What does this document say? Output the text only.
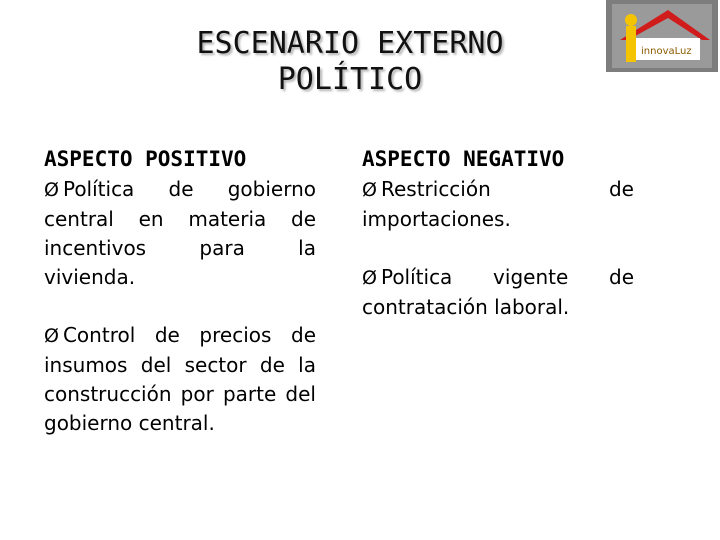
ESCENARIO EXTERNO
POLÍTICO
innovaLuz
ASPECTO POSITIVO
Ø Política de gobierno central en materia de incentivos para la vivienda.
Ø Control de precios de insumos del sector de la construcción por parte del gobierno central.
ASPECTO NEGATIVO
Ø Restricción de importaciones.
Ø Política vigente de contratación laboral.
